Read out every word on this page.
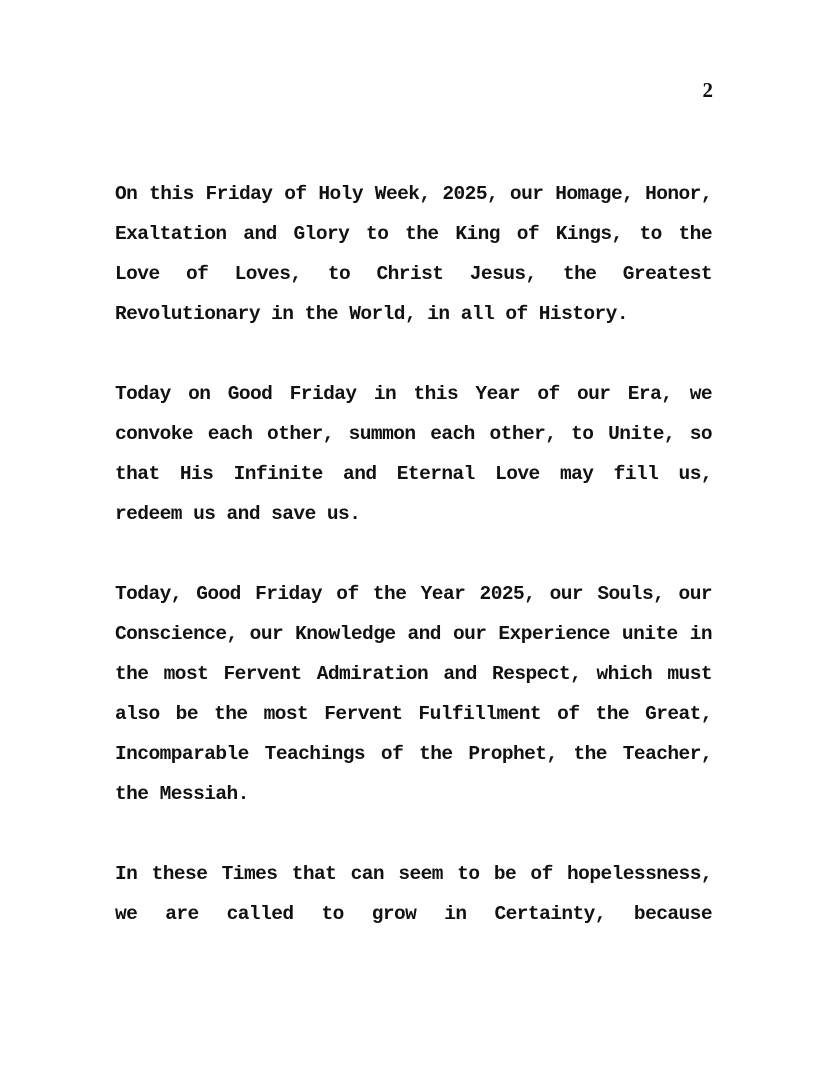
2

On this Friday of Holy Week, 2025, our Homage, Honor, Exaltation and Glory to the King of Kings, to the Love of Loves, to Christ Jesus, the Greatest Revolutionary in the World, in all of History.

Today on Good Friday in this Year of our Era, we convoke each other, summon each other, to Unite, so that His Infinite and Eternal Love may fill us, redeem us and save us.

Today, Good Friday of the Year 2025, our Souls, our Conscience, our Knowledge and our Experience unite in the most Fervent Admiration and Respect, which must also be the most Fervent Fulfillment of the Great, Incomparable Teachings of the Prophet, the Teacher, the Messiah.

In these Times that can seem to be of hopelessness, we are called to grow in Certainty, because
